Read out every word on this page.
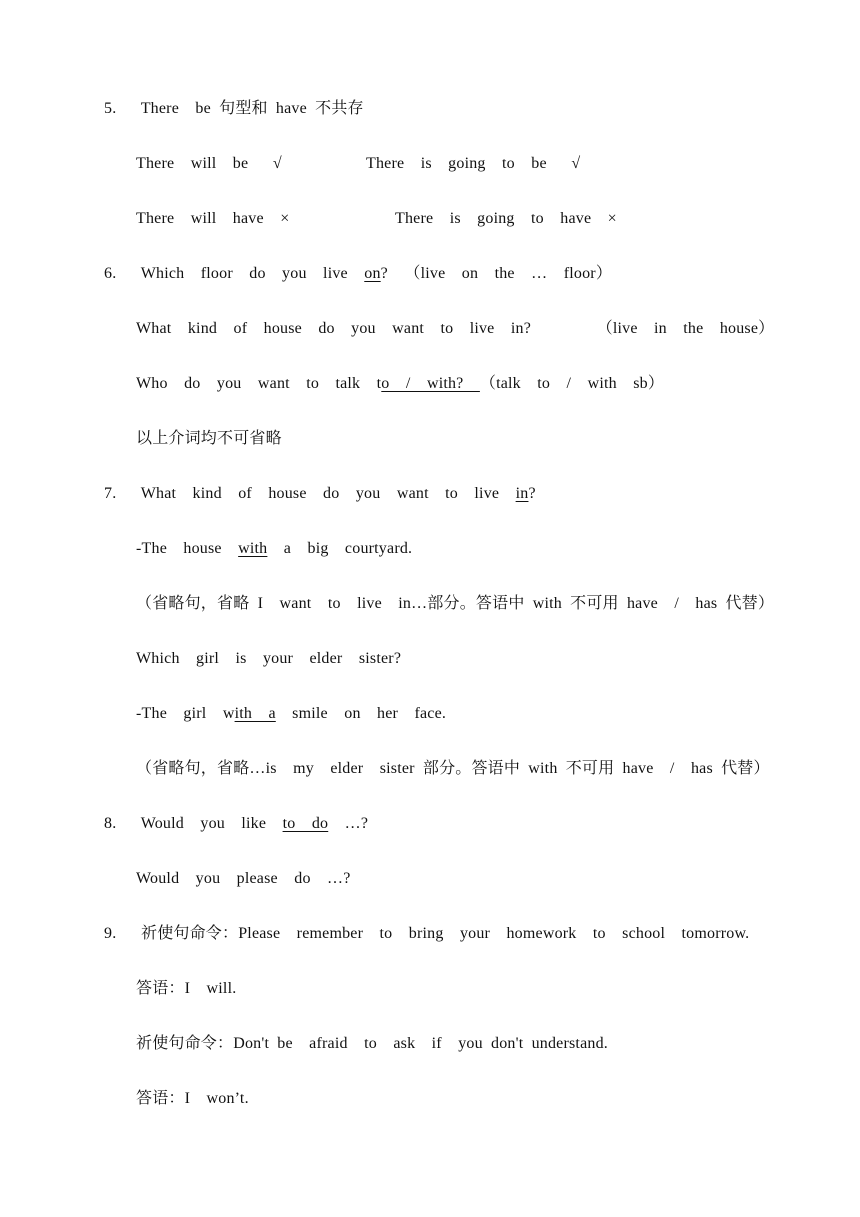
5.   There  be 句型和 have 不共存
There  will  be   √	There  is  going  to  be   √
There  will  have  ×	There  is  going  to  have  ×
6.   Which  floor  do  you  live  on?  （live  on  the  …  floor）
What  kind  of  house  do  you  want  to  live  in?        （live  in  the  house）
Who  do  you  want  to  talk  to  /  with?  （talk  to  /  with  sb）
以上介词均不可省略
7.   What  kind  of  house  do  you  want  to  live  in?
-The  house  with  a  big  courtyard.
（省略句，省略 I  want  to  live  in…部分。答语中 with 不可用 have  /  has 代替）
Which  girl  is  your  elder  sister?
-The  girl  with  a  smile  on  her  face.
（省略句，省略…is  my  elder  sister 部分。答语中 with 不可用 have  /  has 代替）
8.   Would  you  like  to  do  …?
Would  you  please  do  …?
9.   祈使句命令：Please  remember  to  bring  your  homework  to  school  tomorrow.
答语：I  will.
祈使句命令：Don't be  afraid  to  ask  if  you don't understand.
答语：I  won’t.
